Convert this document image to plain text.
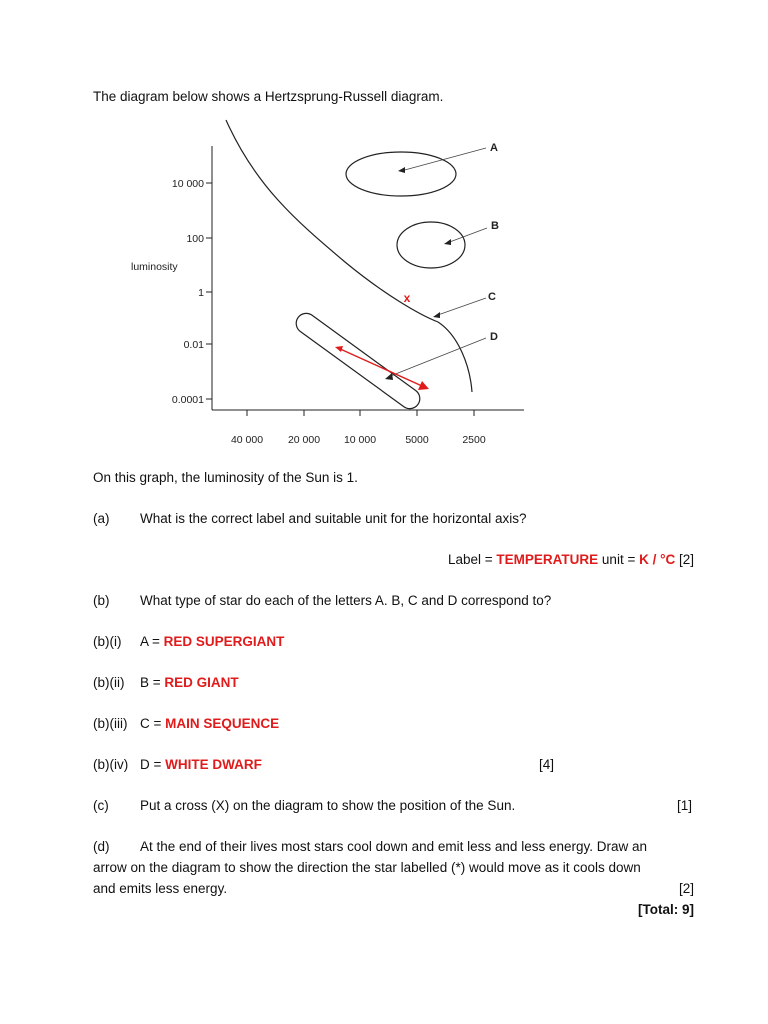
The diagram below shows a Hertzsprung-Russell diagram.
10 000
100
1
0.01
0.0001
luminosity
40 000 20 000 10 000	5000	2500
A
B
C
D
x
On this graph, the luminosity of the Sun is 1.
(a) What is the correct label and suitable unit for the horizontal axis?
Label = TEMPERATURE unit = K / °C [2]
(b) What type of star do each of the letters A. B, C and D correspond to?
(b)(i) A = RED SUPERGIANT
(b)(ii) B = RED GIANT
(b)(iii) C = MAIN SEQUENCE
(b)(iv) D = WHITE DWARF	[4]
(c) Put a cross (X) on the diagram to show the position of the Sun.	[1]
(d) At the end of their lives most stars cool down and emit less and less energy. Draw an
arrow on the diagram to show the direction the star labelled (*) would move as it cools down
and emits less energy.	[2]
[Total: 9]
